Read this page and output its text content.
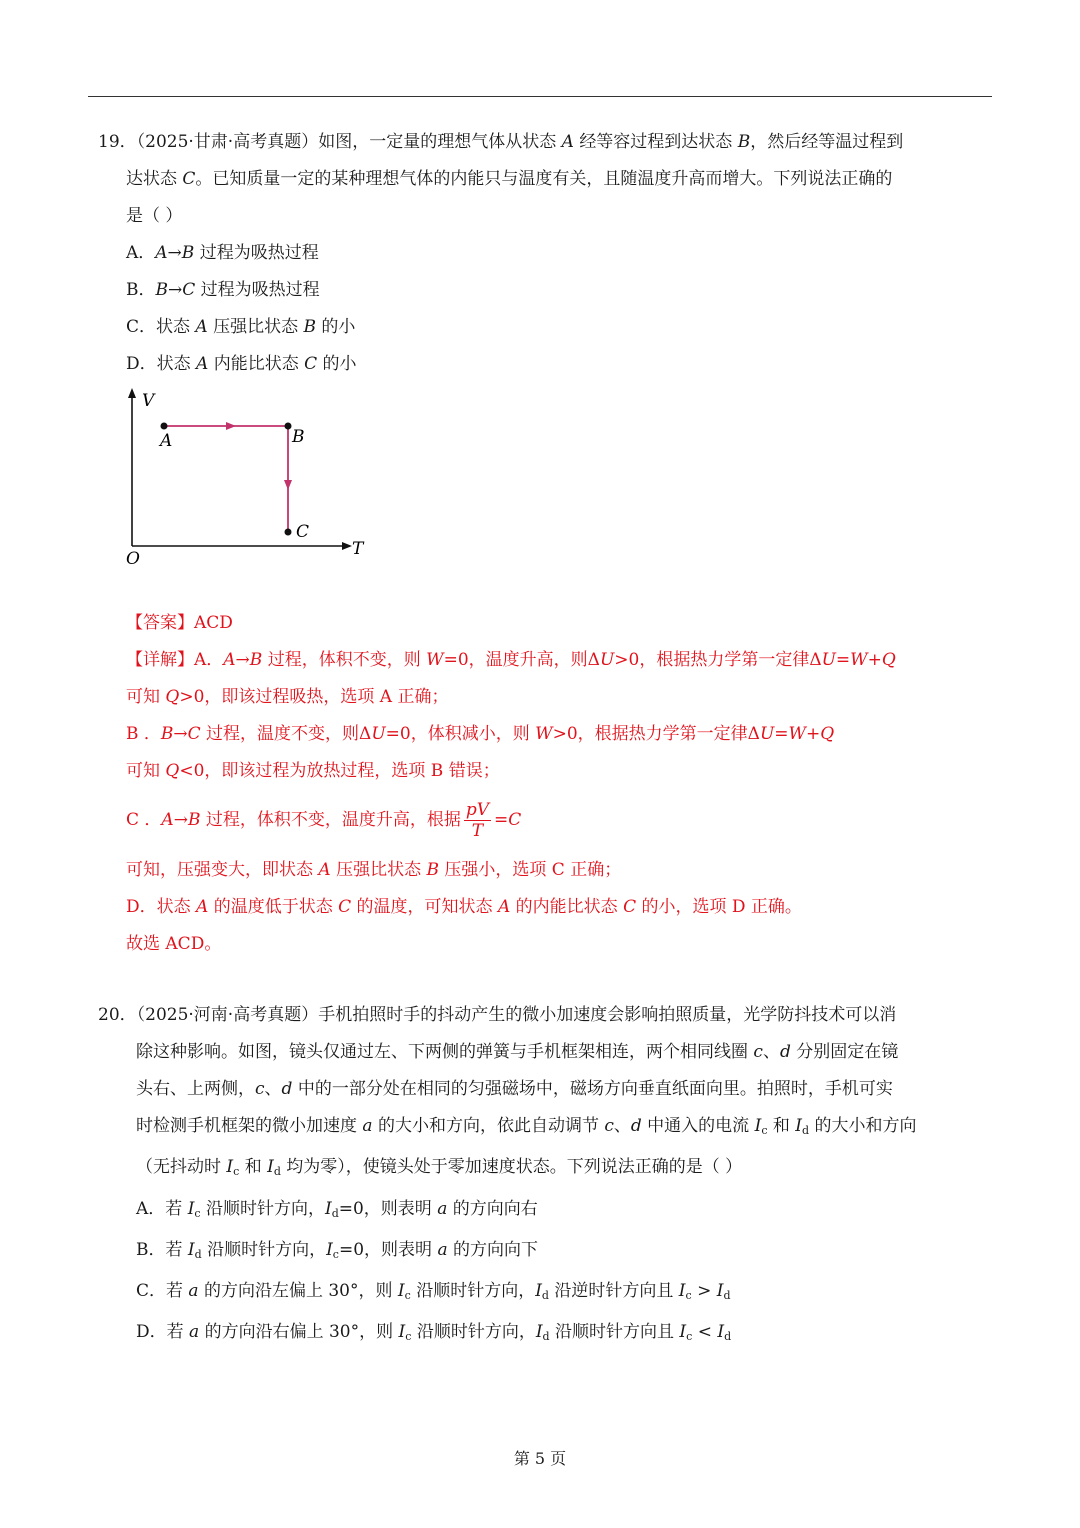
19．（2025·甘肃·高考真题）如图，一定量的理想气体从状态 A 经等容过程到达状态 B，然后经等温过程到
达状态 C。已知质量一定的某种理想气体的内能只与温度有关，且随温度升高而增大。下列说法正确的
是（ ）
A．A→B 过程为吸热过程
B．B→C 过程为吸热过程
C．状态 A 压强比状态 B 的小
D．状态 A 内能比状态 C 的小
V
T
O
A	B
C
【答案】ACD
【详解】A．A→B 过程，体积不变，则 W=0，温度升高，则ΔU>0，根据热力学第一定律ΔU=W+Q
可知 Q>0，即该过程吸热，选项 A 正确；
B ．B→C 过程，温度不变，则ΔU=0，体积减小，则 W>0，根据热力学第一定律ΔU=W+Q
可知 Q<0，即该过程为放热过程，选项 B 错误；
C ．A→B 过程，体积不变，温度升高，根据 $\frac{pV}{T} =C$
可知，压强变大，即状态 A 压强比状态 B 压强小，选项 C 正确；
D．状态 A 的温度低于状态 C 的温度，可知状态 A 的内能比状态 C 的小，选项 D 正确。
故选 ACD。
20．（2025·河南·高考真题）手机拍照时手的抖动产生的微小加速度会影响拍照质量，光学防抖技术可以消
除这种影响。如图，镜头仅通过左、下两侧的弹簧与手机框架相连，两个相同线圈 c、d 分别固定在镜
头右、上两侧，c、d 中的一部分处在相同的匀强磁场中，磁场方向垂直纸面向里。拍照时，手机可实
时检测手机框架的微小加速度 a 的大小和方向，依此自动调节 c、d 中通入的电流 $I_c$ 和 $I_d$ 的大小和方向
（无抖动时 $I_c$ 和 $I_d$ 均为零），使镜头处于零加速度状态。下列说法正确的是（ ）
A．若 $I_c$ 沿顺时针方向，$I_d=0$，则表明 a 的方向向右
B．若 $I_d$ 沿顺时针方向，$I_c=0$，则表明 a 的方向向下
C．若 a 的方向沿左偏上 30°，则 $I_c$ 沿顺时针方向，$I_d$ 沿逆时针方向且 $I_c > I_d$
D．若 a 的方向沿右偏上 30°，则 $I_c$ 沿顺时针方向，$I_d$ 沿顺时针方向且 $I_c < I_d$
第 5 页
